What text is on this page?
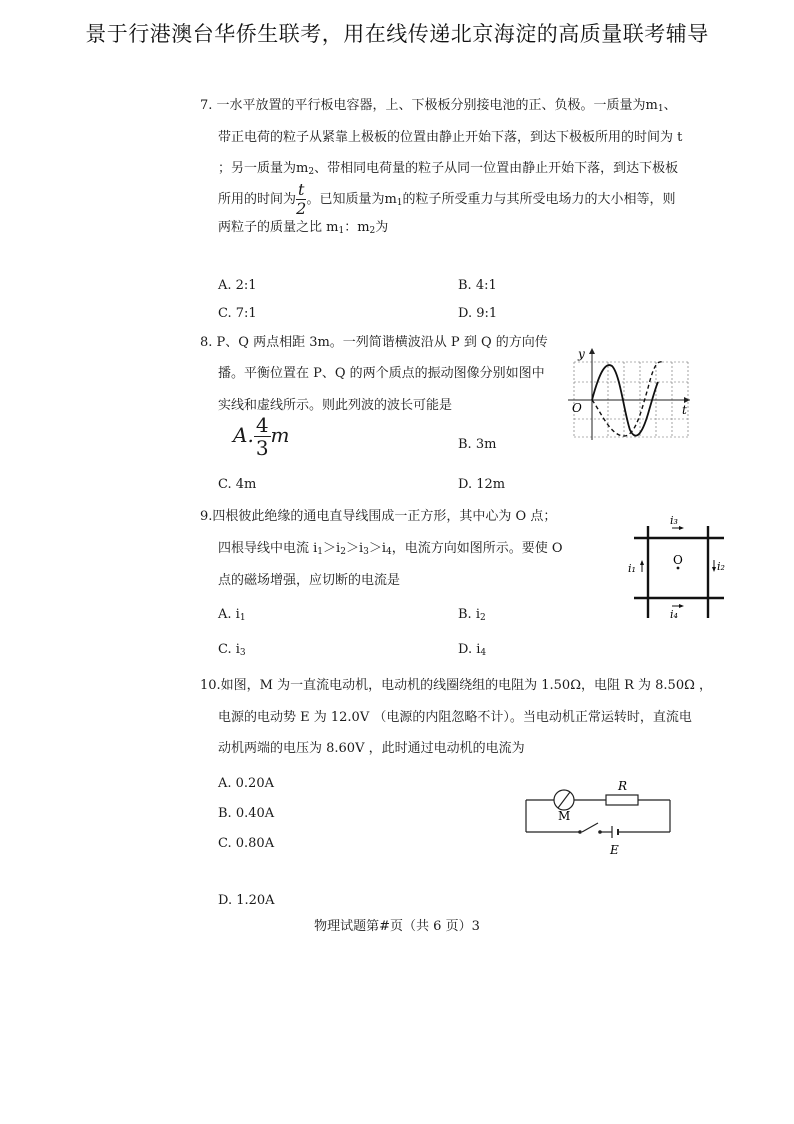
景于行港澳台华侨生联考，用在线传递北京海淀的高质量联考辅导
7. 一水平放置的平行板电容器，上、下极板分别接电池的正、负极。一质量为m1、
带正电荷的粒子从紧靠上极板的位置由静止开始下落，到达下极板所用的时间为 t
；另一质量为m2、带相同电荷量的粒子从同一位置由静止开始下落，到达下极板
所用的时间为 $\frac{t}{2}$ 。已知质量为m1的粒子所受重力与其所受电场力的大小相等，则
两粒子的质量之比 m1：m2为
A. 2:1	B. 4:1
C. 7:1	D. 9:1
8. P、Q 两点相距 3m。一列简谐横波沿从 P 到 Q 的方向传
播。平衡位置在 P、Q 的两个质点的振动图像分别如图中
实线和虚线所示。则此列波的波长可能是
A. $\frac{4}{3}$ m	B. 3m
C. 4m	D. 12m
y
t
O
9.四根彼此绝缘的通电直导线围成一正方形，其中心为 O 点；
四根导线中电流 i1＞i2＞i3＞i4，电流方向如图所示。要使 O
点的磁场增强，应切断的电流是
A. i1	B. i2
C. i3	D. i4
i₃
i₄
i₁	i₂
O
10.如图，M 为一直流电动机，电动机的线圈绕组的电阻为 1.50Ω，电阻 R 为 8.50Ω ，
电源的电动势 E 为 12.0V （电源的内阻忽略不计）。当电动机正常运转时，直流电
动机两端的电压为 8.60V ，此时通过电动机的电流为
A. 0.20A
B. 0.40A
C. 0.80A
D. 1.20A
M
R
E
物理试题第#页（共 6 页）3
